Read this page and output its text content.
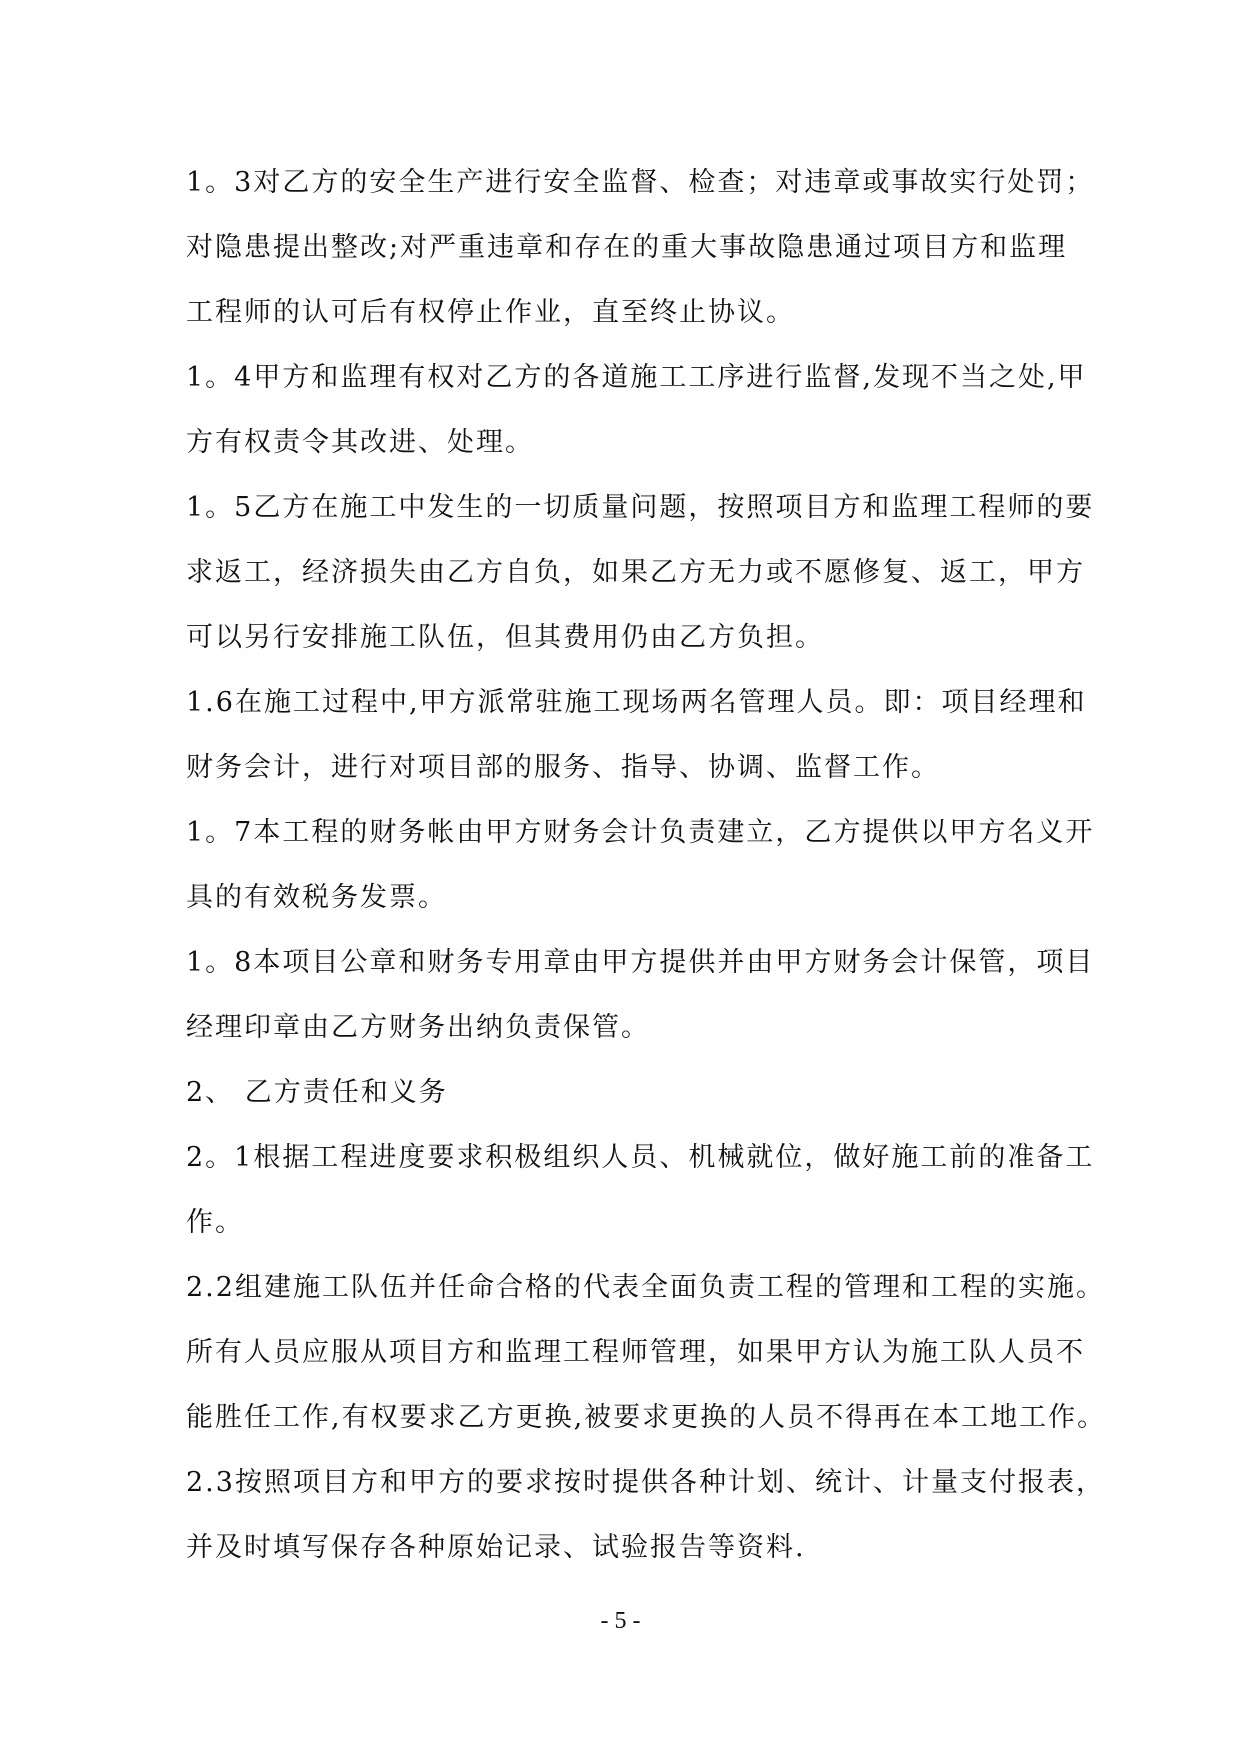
1。3对乙方的安全生产进行安全监督、检查；对违章或事故实行处罚；
对隐患提出整改;对严重违章和存在的重大事故隐患通过项目方和监理
工程师的认可后有权停止作业，直至终止协议。
1。4甲方和监理有权对乙方的各道施工工序进行监督,发现不当之处,甲
方有权责令其改进、处理。
1。5乙方在施工中发生的一切质量问题，按照项目方和监理工程师的要
求返工，经济损失由乙方自负，如果乙方无力或不愿修复、返工，甲方
可以另行安排施工队伍，但其费用仍由乙方负担。
1.6在施工过程中,甲方派常驻施工现场两名管理人员。即：项目经理和
财务会计，进行对项目部的服务、指导、协调、监督工作。
1。7本工程的财务帐由甲方财务会计负责建立，乙方提供以甲方名义开
具的有效税务发票。
1。8本项目公章和财务专用章由甲方提供并由甲方财务会计保管，项目
经理印章由乙方财务出纳负责保管。
2、 乙方责任和义务
2。1根据工程进度要求积极组织人员、机械就位，做好施工前的准备工
作。
2.2组建施工队伍并任命合格的代表全面负责工程的管理和工程的实施。
所有人员应服从项目方和监理工程师管理，如果甲方认为施工队人员不
能胜任工作,有权要求乙方更换,被要求更换的人员不得再在本工地工作。
2.3按照项目方和甲方的要求按时提供各种计划、统计、计量支付报表，
并及时填写保存各种原始记录、试验报告等资料.
- 5 -
